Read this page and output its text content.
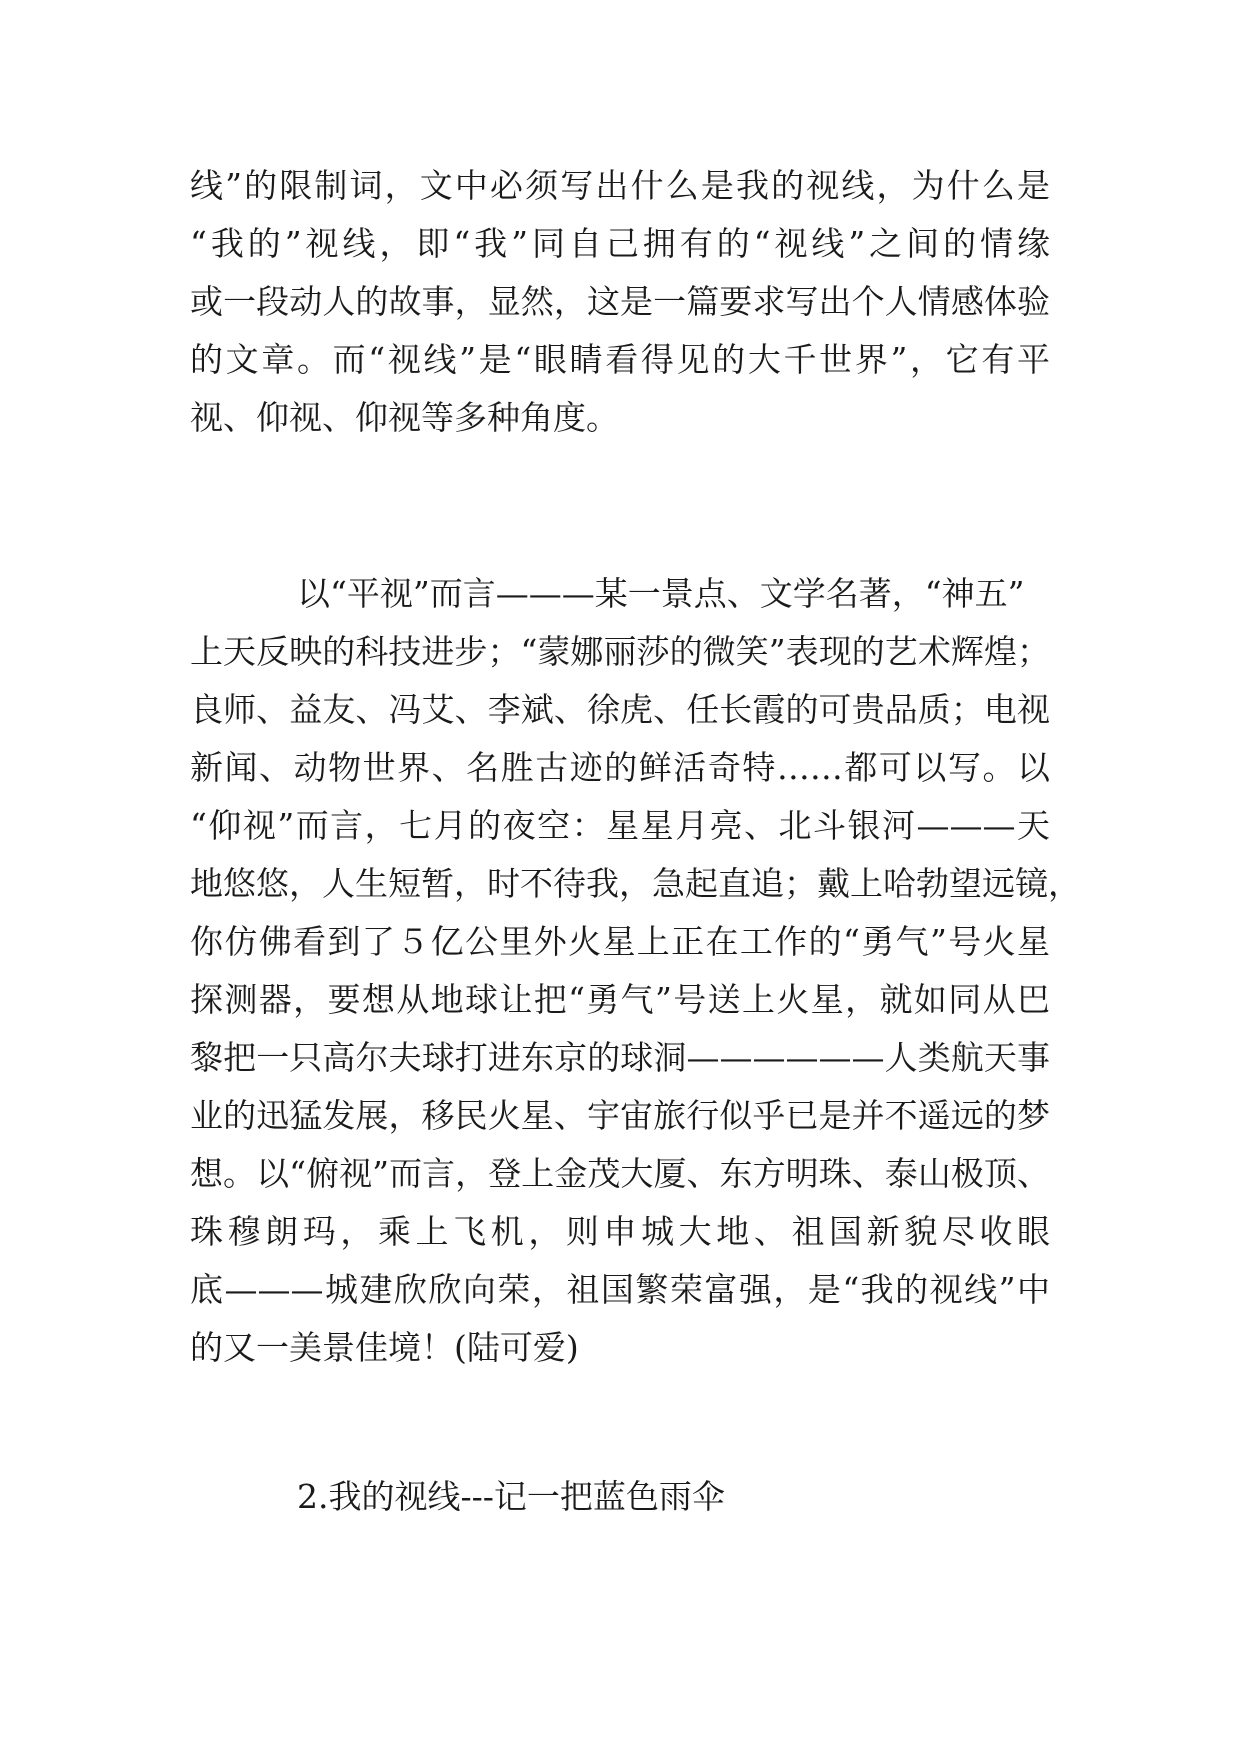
线”的限制词，文中必须写出什么是我的视线，为什么是
“我的”视线，即“我”同自己拥有的“视线”之间的情缘
或一段动人的故事，显然，这是一篇要求写出个人情感体验
的文章。而“视线”是“眼睛看得见的大千世界”，它有平
视、仰视、仰视等多种角度。
以“平视”而言———某一景点、文学名著，“神五”
上天反映的科技进步；“蒙娜丽莎的微笑”表现的艺术辉煌；
良师、益友、冯艾、李斌、徐虎、任长霞的可贵品质；电视
新闻、动物世界、名胜古迹的鲜活奇特……都可以写。以
“仰视”而言，七月的夜空：星星月亮、北斗银河———天
地悠悠，人生短暂，时不待我，急起直追；戴上哈勃望远镜，
你仿佛看到了５亿公里外火星上正在工作的“勇气”号火星
探测器，要想从地球让把“勇气”号送上火星，就如同从巴
黎把一只高尔夫球打进东京的球洞——————人类航天事
业的迅猛发展，移民火星、宇宙旅行似乎已是并不遥远的梦
想。以“俯视”而言，登上金茂大厦、东方明珠、泰山极顶、
珠穆朗玛，乘上飞机，则申城大地、祖国新貌尽收眼
底———城建欣欣向荣，祖国繁荣富强，是“我的视线”中
的又一美景佳境！(陆可爱)
2.我的视线---记一把蓝色雨伞
